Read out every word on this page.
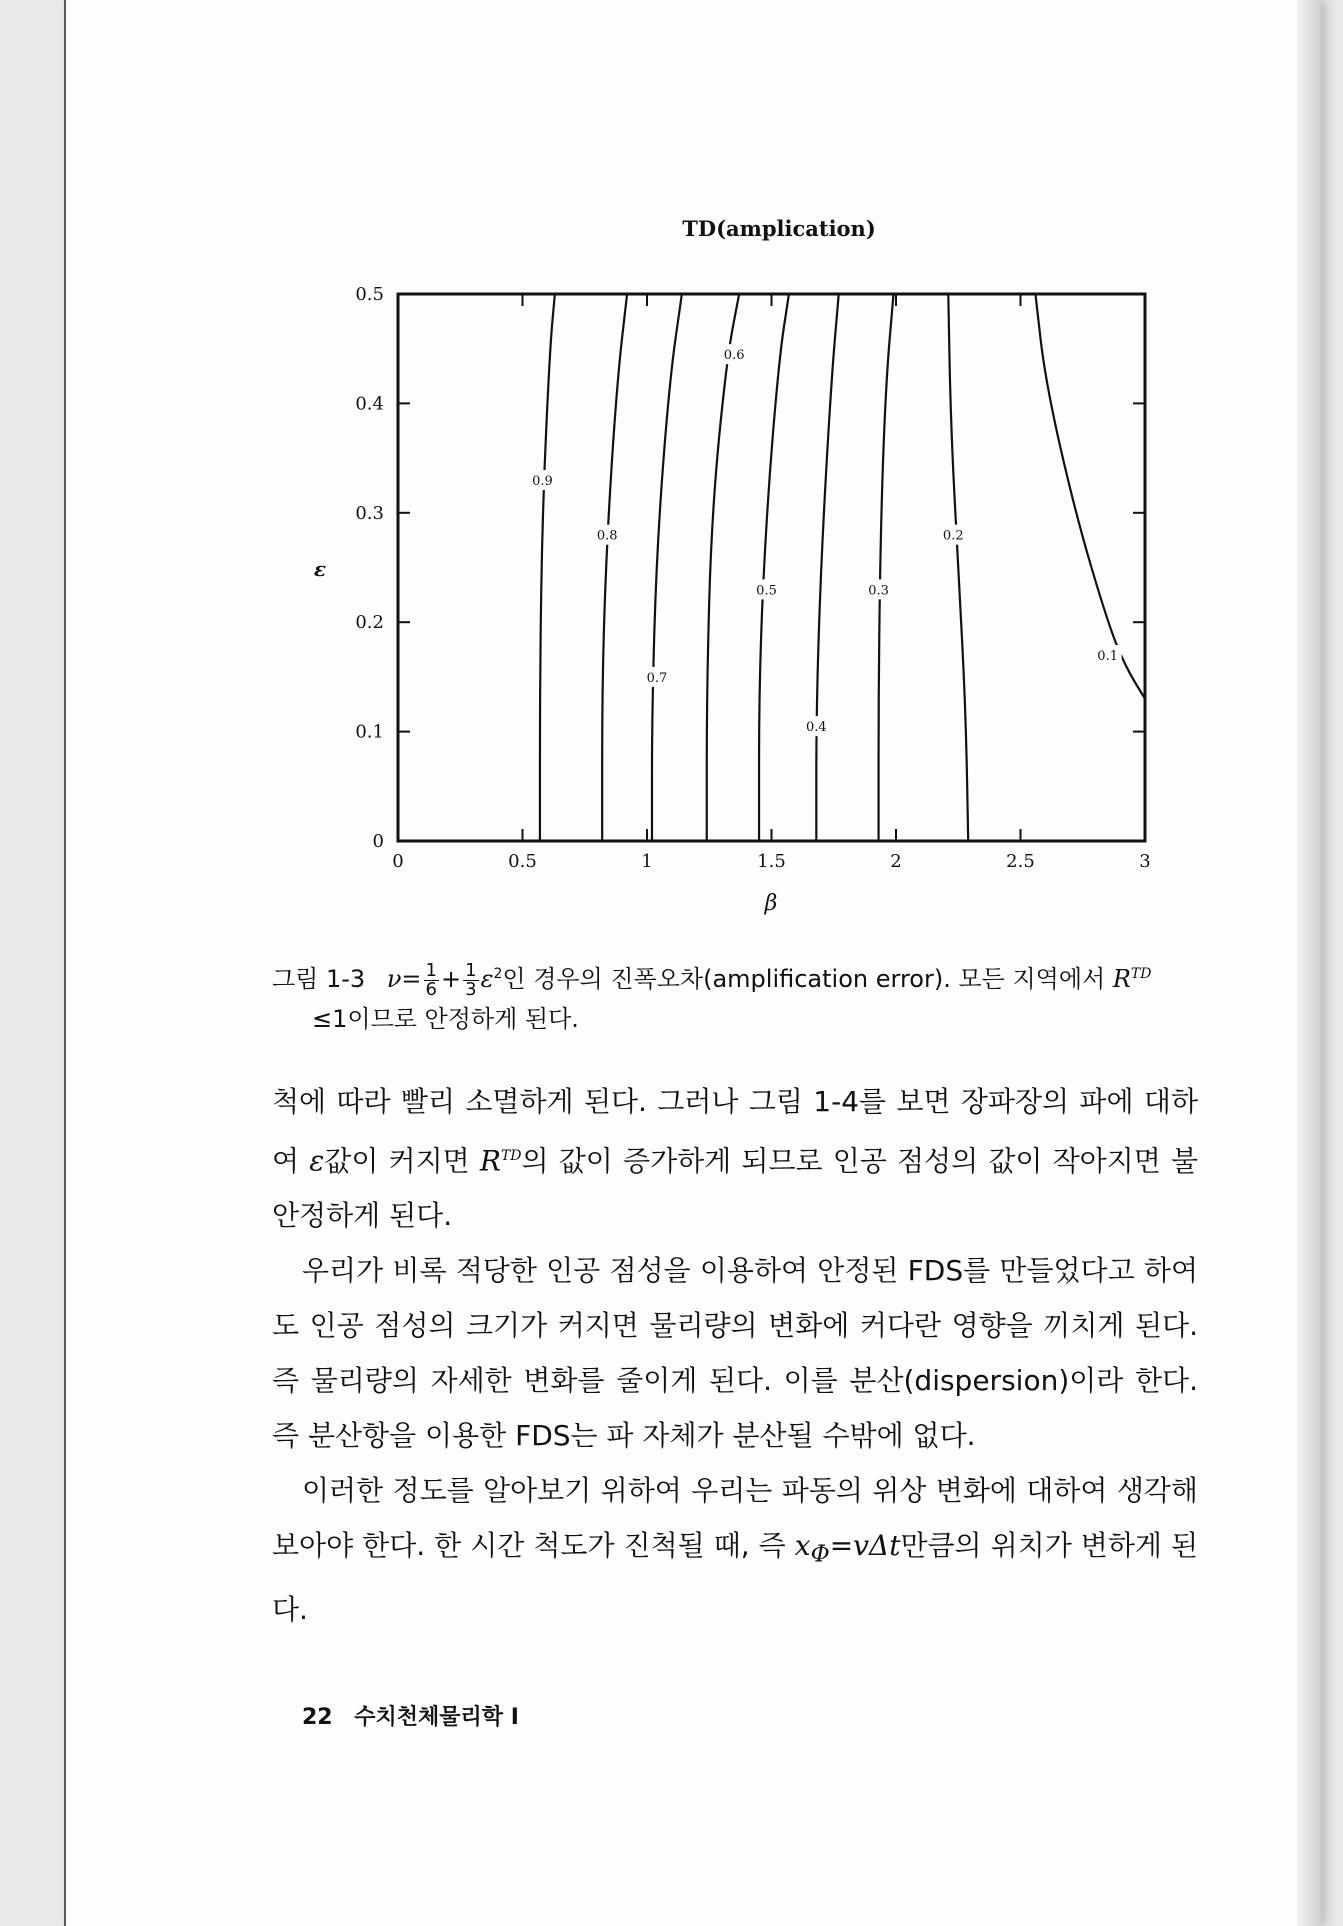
TD(amplication)
0	0.5	1	1.5	2	2.5	3
0
0.1
0.2
0.3
0.4
0.5
0.9
0.8
0.7
0.6
0.5
0.4
0.3
0.2
0.1
β
ε
그림 1-3 $\nu= \frac{1}{6} + \frac{1}{3} \varepsilon^2$인 경우의 진폭오차(amplification error). 모든 지역에서 $R^{TD}$
≤1이므로 안정하게 된다.

척에 따라 빨리 소멸하게 된다. 그러나 그림 1-4를 보면 장파장의 파에 대하여 ε값이 커지면 $R^{TD}$의 값이 증가하게 되므로 인공 점성의 값이 작아지면 불안정하게 된다.

우리가 비록 적당한 인공 점성을 이용하여 안정된 FDS를 만들었다고 하여도 인공 점성의 크기가 커지면 물리량의 변화에 커다란 영향을 끼치게 된다. 즉 물리량의 자세한 변화를 줄이게 된다. 이를 분산(dispersion)이라 한다. 즉 분산항을 이용한 FDS는 파 자체가 분산될 수밖에 없다.

이러한 정도를 알아보기 위하여 우리는 파동의 위상 변화에 대하여 생각해 보아야 한다. 한 시간 척도가 진척될 때, 즉 $x_\Phi=v\Delta t$만큼의 위치가 변하게 된다.

22 수치천체물리학 Ⅰ
